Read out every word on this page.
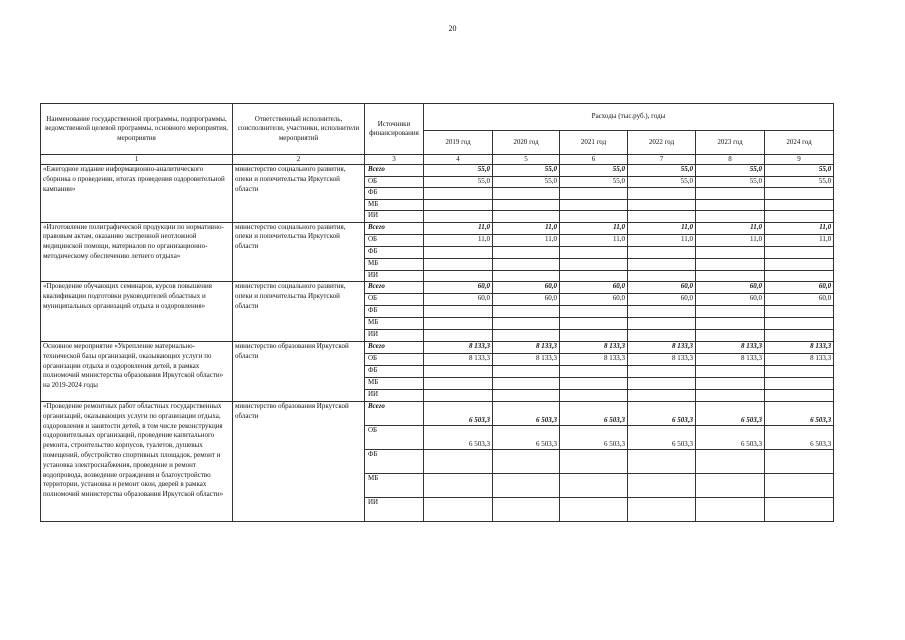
20
Наименование государственной программы, подпрограммы, ведомственной целевой программы, основного мероприятия, мероприятия	Ответственный исполнитель, соисполнители, участники, исполнители мероприятий	Источники финансирования	Расходы (тыс.руб.), годы					
			2019 год	2020 год	2021 год	2022 год	2023 год	2024 год
1	2	3	4	5	6	7	8	9
«Ежегодное издание информационно-аналитического сборника о проведении, итогах проведения оздоровительной кампании»	министерство социального развития, опеки и попечительства Иркутской области	Всего	55,0	55,0	55,0	55,0	55,0	55,0
		ОБ	55,0	55,0	55,0	55,0	55,0	55,0
		ФБ						
		МБ						
		ИИ						
«Изготовление полиграфической продукции по нормативно-правовым актам, оказанию экстренной неотложной медицинской помощи, материалов по организационно-методическому обеспечению летнего отдыха»	министерство социального развития, опеки и попечительства Иркутской области	Всего	11,0	11,0	11,0	11,0	11,0	11,0
		ОБ	11,0	11,0	11,0	11,0	11,0	11,0
		ФБ						
		МБ						
		ИИ						
«Проведение обучающих семинаров, курсов повышения квалификации подготовки руководителей областных и муниципальных организаций отдыха и оздоровления»	министерство социального развития, опеки и попечительства Иркутской области	Всего	60,0	60,0	60,0	60,0	60,0	60,0
		ОБ	60,0	60,0	60,0	60,0	60,0	60,0
		ФБ						
		МБ						
		ИИ						
Основное мероприятие «Укрепление материально-технической базы организаций, оказывающих услуги по организации отдыха и оздоровления детей, в рамках полномочий министерства образования Иркутской области» на 2019-2024 годы	министерство образования Иркутской области	Всего	8 133,3	8 133,3	8 133,3	8 133,3	8 133,3	8 133,3
		ОБ	8 133,3	8 133,3	8 133,3	8 133,3	8 133,3	8 133,3
		ФБ						
		МБ						
		ИИ						
«Проведение ремонтных работ областных государственных организаций, оказывающих услуги по организации отдыха, оздоровления и занятости детей, в том числе реконструкция оздоровительных организаций, проведение капитального ремонта, строительство корпусов, туалетов, душевых помещений, обустройство спортивных площадок, ремонт и установка электроснабжения, проведение и ремонт водопровода, возведение ограждения и благоустройство территории, установка и ремонт окон, дверей в рамках полномочий министерства образования Иркутской области»	министерство образования Иркутской области	Всего	6 503,3	6 503,3	6 503,3	6 503,3	6 503,3	6 503,3
		ОБ	6 503,3	6 503,3	6 503,3	6 503,3	6 503,3	6 503,3
		ФБ						
		МБ						
		ИИ						
